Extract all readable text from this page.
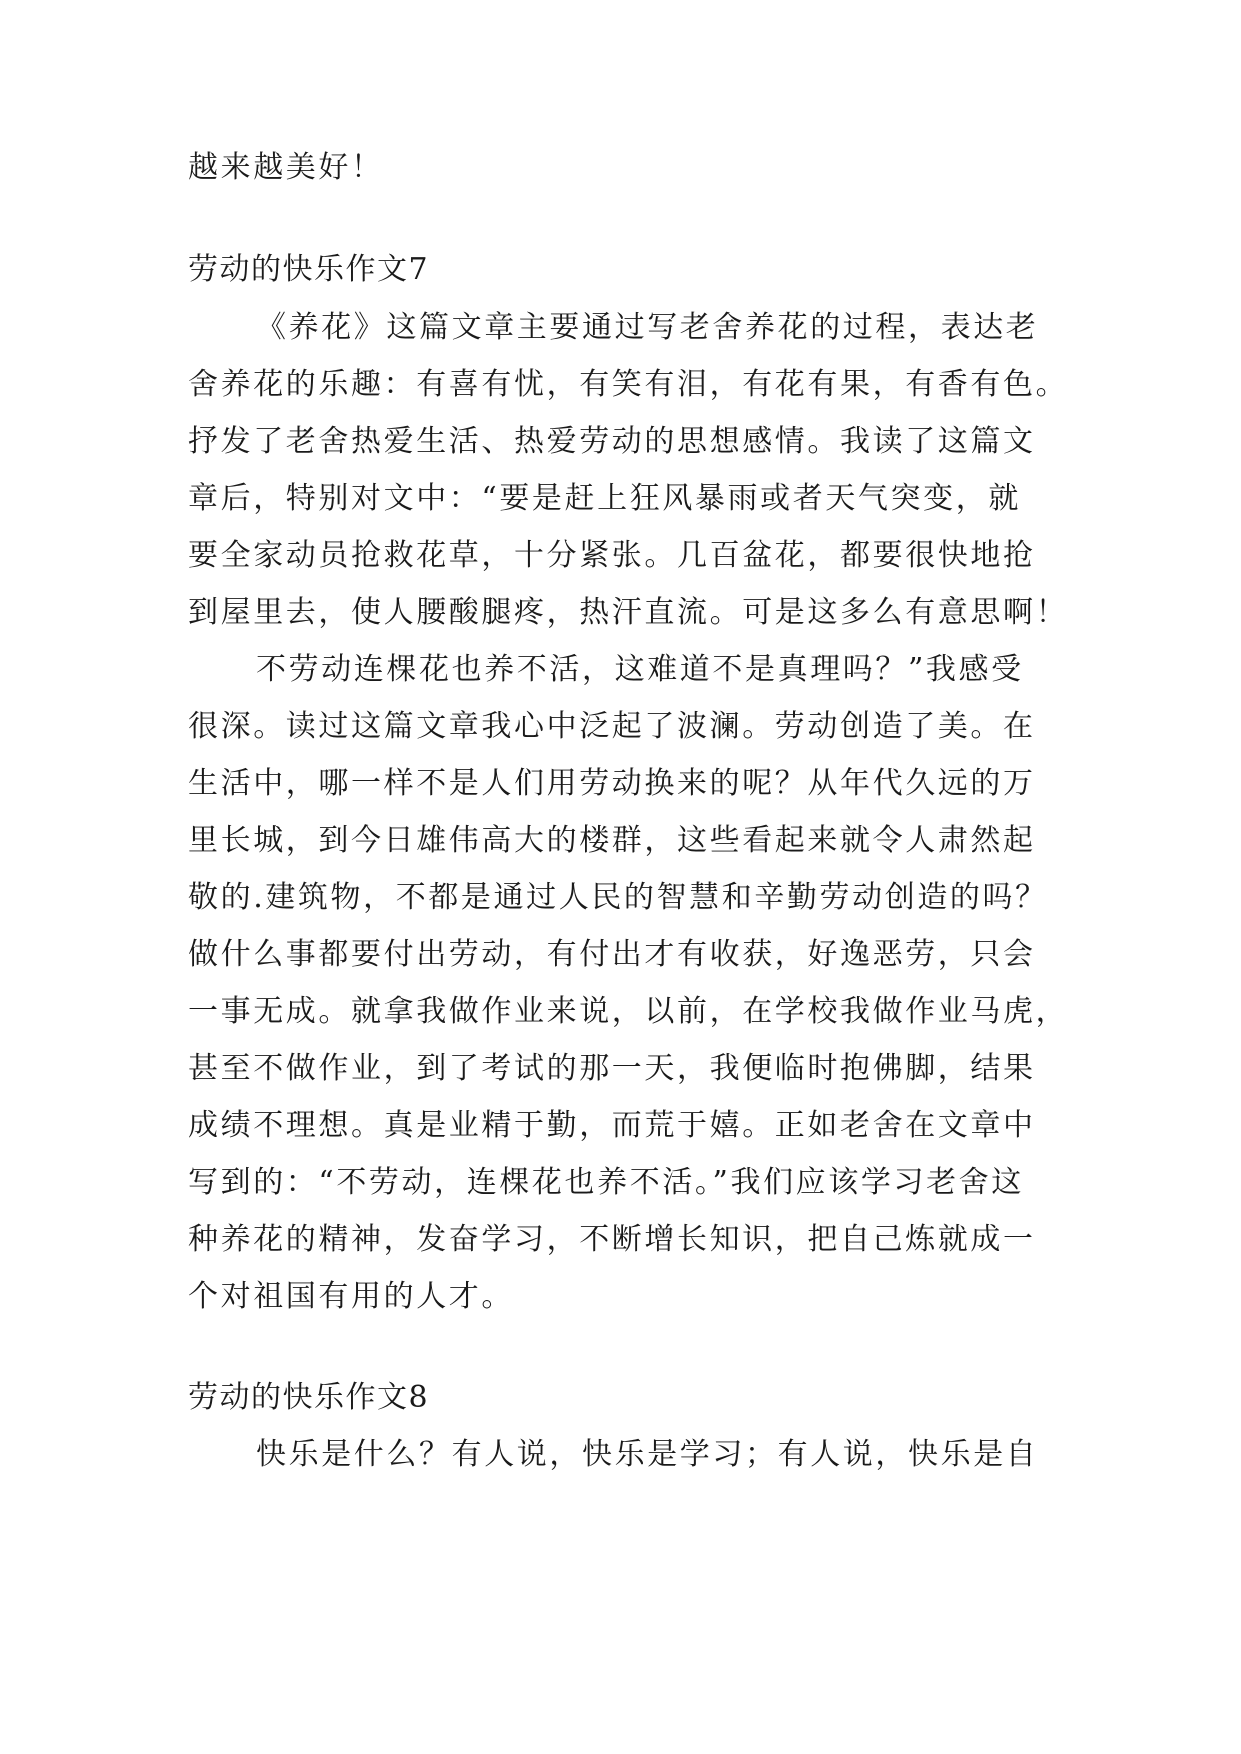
越来越美好！
劳动的快乐作文7
《养花》这篇文章主要通过写老舍养花的过程，表达老
舍养花的乐趣：有喜有忧，有笑有泪，有花有果，有香有色。
抒发了老舍热爱生活、热爱劳动的思想感情。我读了这篇文
章后，特别对文中：“要是赶上狂风暴雨或者天气突变，就
要全家动员抢救花草，十分紧张。几百盆花，都要很快地抢
到屋里去，使人腰酸腿疼，热汗直流。可是这多么有意思啊！
不劳动连棵花也养不活，这难道不是真理吗？”我感受
很深。读过这篇文章我心中泛起了波澜。劳动创造了美。在
生活中，哪一样不是人们用劳动换来的呢？从年代久远的万
里长城，到今日雄伟高大的楼群，这些看起来就令人肃然起
敬的.建筑物，不都是通过人民的智慧和辛勤劳动创造的吗？
做什么事都要付出劳动，有付出才有收获，好逸恶劳，只会
一事无成。就拿我做作业来说，以前，在学校我做作业马虎，
甚至不做作业，到了考试的那一天，我便临时抱佛脚，结果
成绩不理想。真是业精于勤，而荒于嬉。正如老舍在文章中
写到的：“不劳动，连棵花也养不活。”我们应该学习老舍这
种养花的精神，发奋学习，不断增长知识，把自己炼就成一
个对祖国有用的人才。
劳动的快乐作文8
快乐是什么？有人说，快乐是学习；有人说，快乐是自
